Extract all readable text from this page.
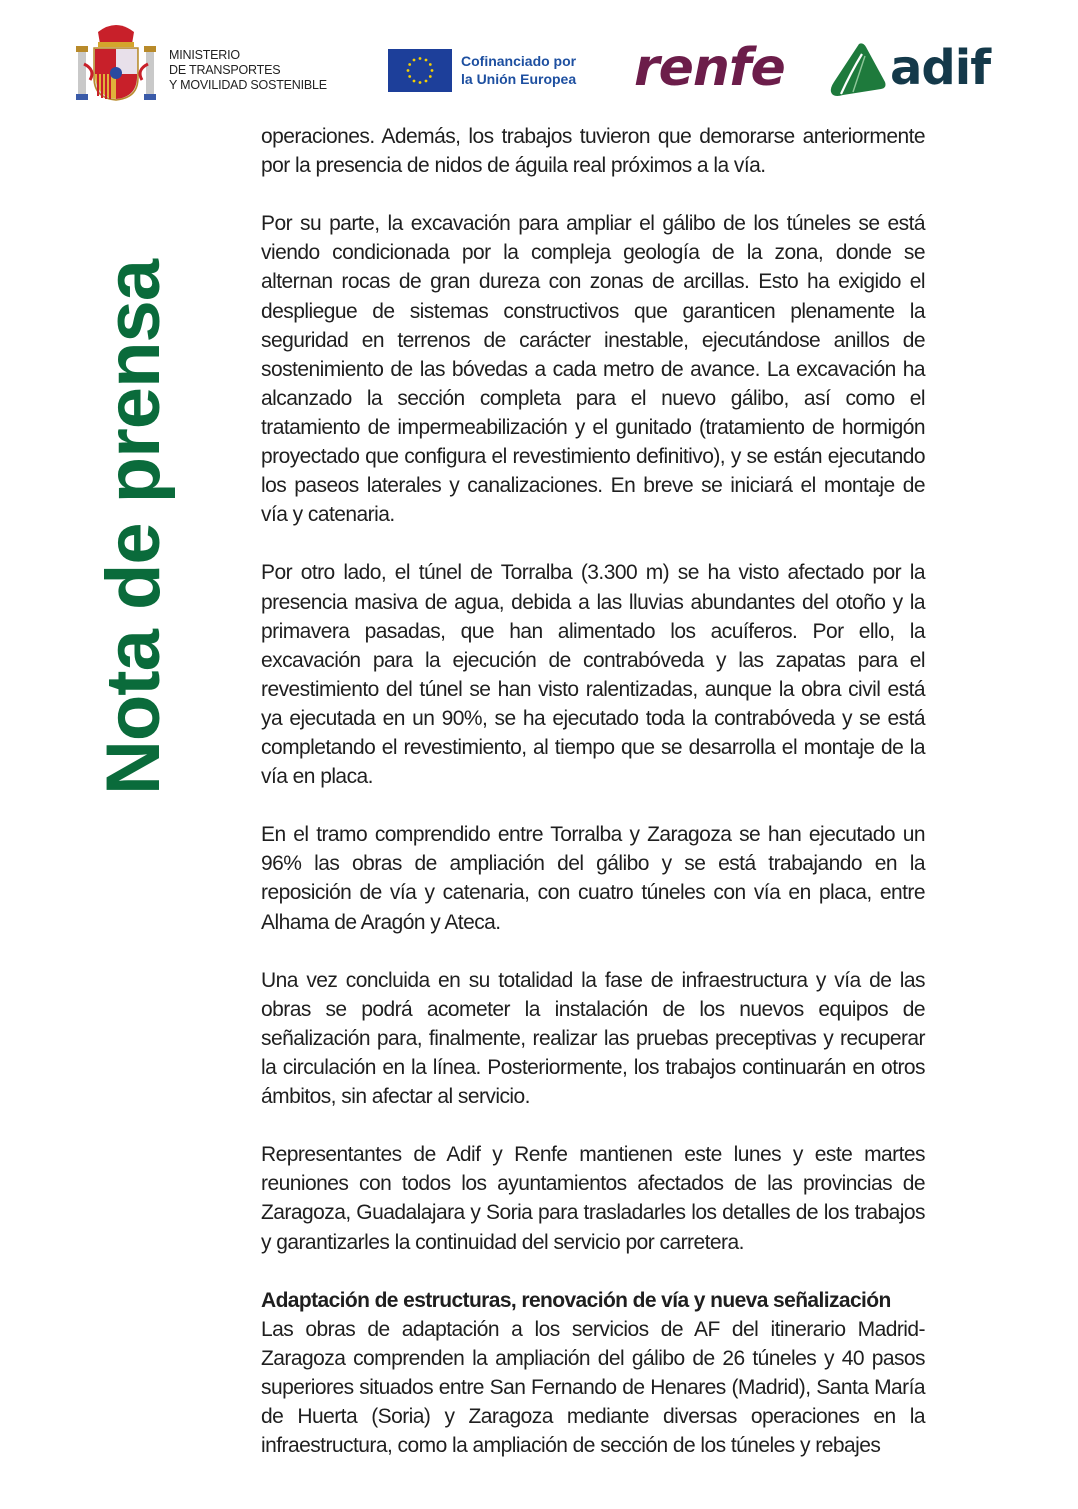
MINISTERIO
DE TRANSPORTES
Y MOVILIDAD SOSTENIBLE
Cofinanciado por
la Unión Europea renfe adif
Nota de prensa

operaciones. Además, los trabajos tuvieron que demorarse anteriormente por la presencia de nidos de águila real próximos a la vía.

Por su parte, la excavación para ampliar el gálibo de los túneles se está viendo condicionada por la compleja geología de la zona, donde se alternan rocas de gran dureza con zonas de arcillas. Esto ha exigido el despliegue de sistemas constructivos que garanticen plenamente la seguridad en terrenos de carácter inestable, ejecutándose anillos de sostenimiento de las bóvedas a cada metro de avance. La excavación ha alcanzado la sección completa para el nuevo gálibo, así como el tratamiento de impermeabilización y el gunitado (tratamiento de hormigón proyectado que configura el revestimiento definitivo), y se están ejecutando los paseos laterales y canalizaciones. En breve se iniciará el montaje de vía y catenaria.

Por otro lado, el túnel de Torralba (3.300 m) se ha visto afectado por la presencia masiva de agua, debida a las lluvias abundantes del otoño y la primavera pasadas, que han alimentado los acuíferos. Por ello, la excavación para la ejecución de contrabóveda y las zapatas para el revestimiento del túnel se han visto ralentizadas, aunque la obra civil está ya ejecutada en un 90%, se ha ejecutado toda la contrabóveda y se está completando el revestimiento, al tiempo que se desarrolla el montaje de la vía en placa.

En el tramo comprendido entre Torralba y Zaragoza se han ejecutado un 96% las obras de ampliación del gálibo y se está trabajando en la reposición de vía y catenaria, con cuatro túneles con vía en placa, entre Alhama de Aragón y Ateca.

Una vez concluida en su totalidad la fase de infraestructura y vía de las obras se podrá acometer la instalación de los nuevos equipos de señalización para, finalmente, realizar las pruebas preceptivas y recuperar la circulación en la línea. Posteriormente, los trabajos continuarán en otros ámbitos, sin afectar al servicio.

Representantes de Adif y Renfe mantienen este lunes y este martes reuniones con todos los ayuntamientos afectados de las provincias de Zaragoza, Guadalajara y Soria para trasladarles los detalles de los trabajos y garantizarles la continuidad del servicio por carretera.

Adaptación de estructuras, renovación de vía y nueva señalización

Las obras de adaptación a los servicios de AF del itinerario Madrid-Zaragoza comprenden la ampliación del gálibo de 26 túneles y 40 pasos superiores situados entre San Fernando de Henares (Madrid), Santa María de Huerta (Soria) y Zaragoza mediante diversas operaciones en la infraestructura, como la ampliación de sección de los túneles y rebajes
